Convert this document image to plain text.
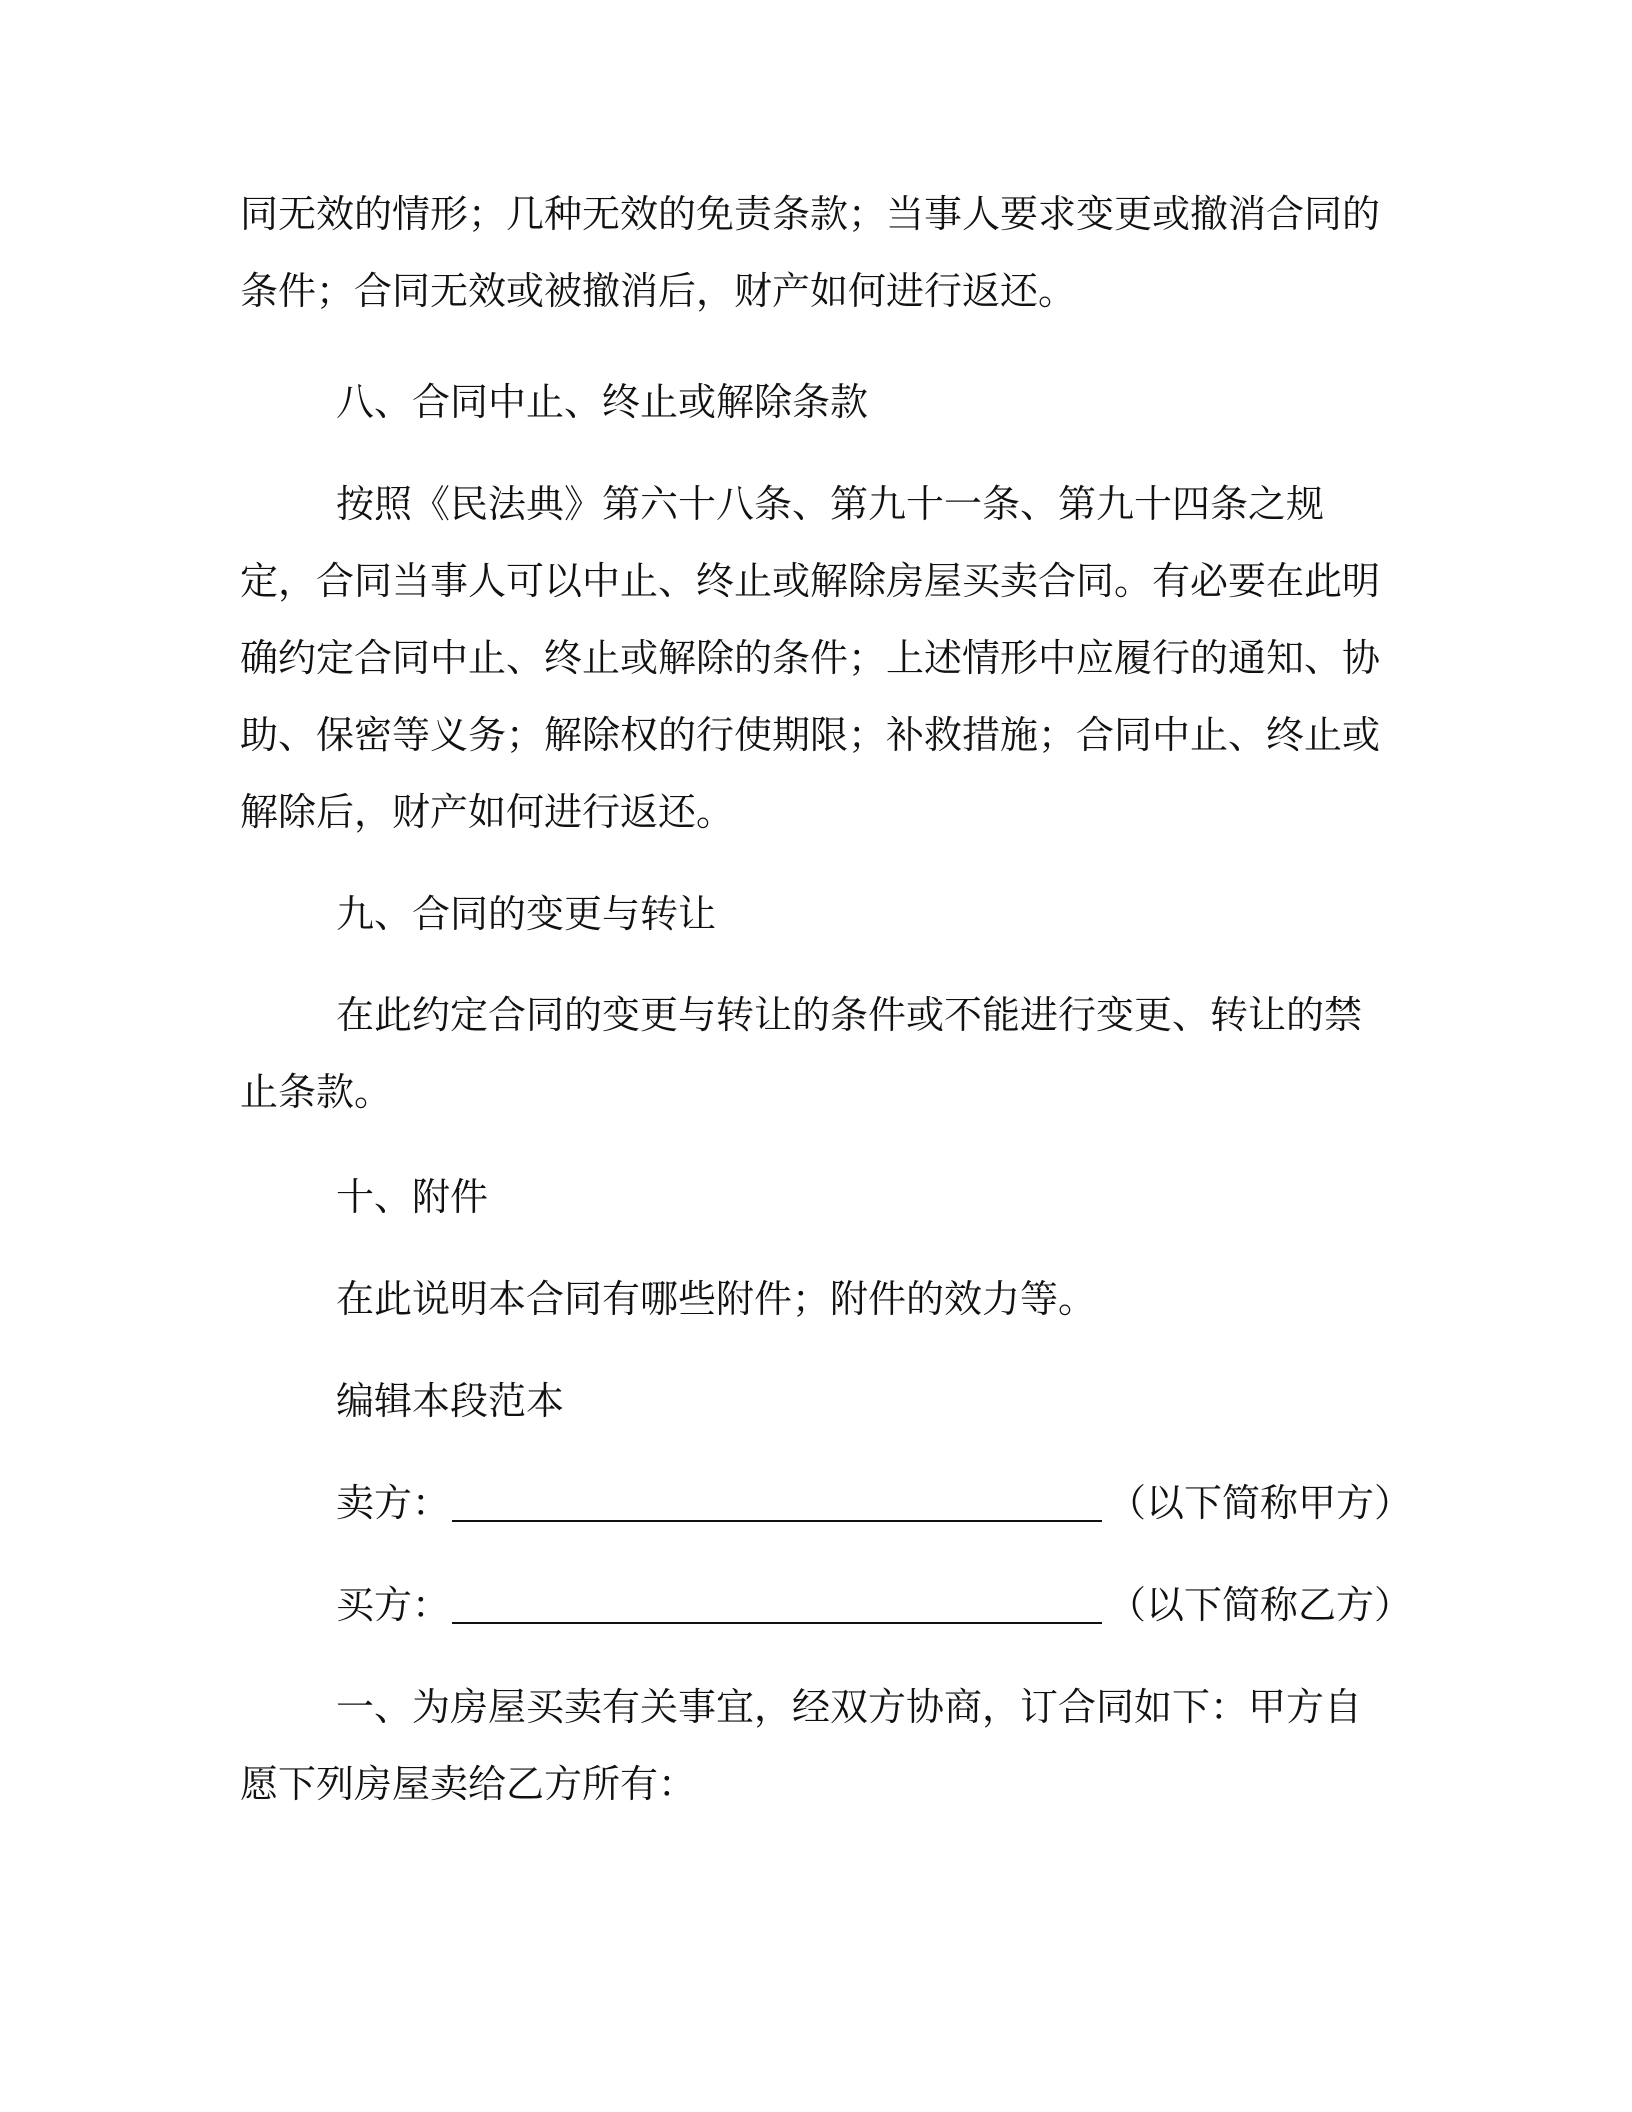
同无效的情形；几种无效的免责条款；当事人要求变更或撤消合同的条件；合同无效或被撤消后，财产如何进行返还。
八、合同中止、终止或解除条款
按照《民法典》第六十八条、第九十一条、第九十四条之规定，合同当事人可以中止、终止或解除房屋买卖合同。有必要在此明确约定合同中止、终止或解除的条件；上述情形中应履行的通知、协助、保密等义务；解除权的行使期限；补救措施；合同中止、终止或解除后，财产如何进行返还。
九、合同的变更与转让
在此约定合同的变更与转让的条件或不能进行变更、转让的禁止条款。
十、附件
在此说明本合同有哪些附件；附件的效力等。
编辑本段范本
卖方：	（以下简称甲方）
买方：	（以下简称乙方）
一、为房屋买卖有关事宜，经双方协商，订合同如下：甲方自愿下列房屋卖给乙方所有：
